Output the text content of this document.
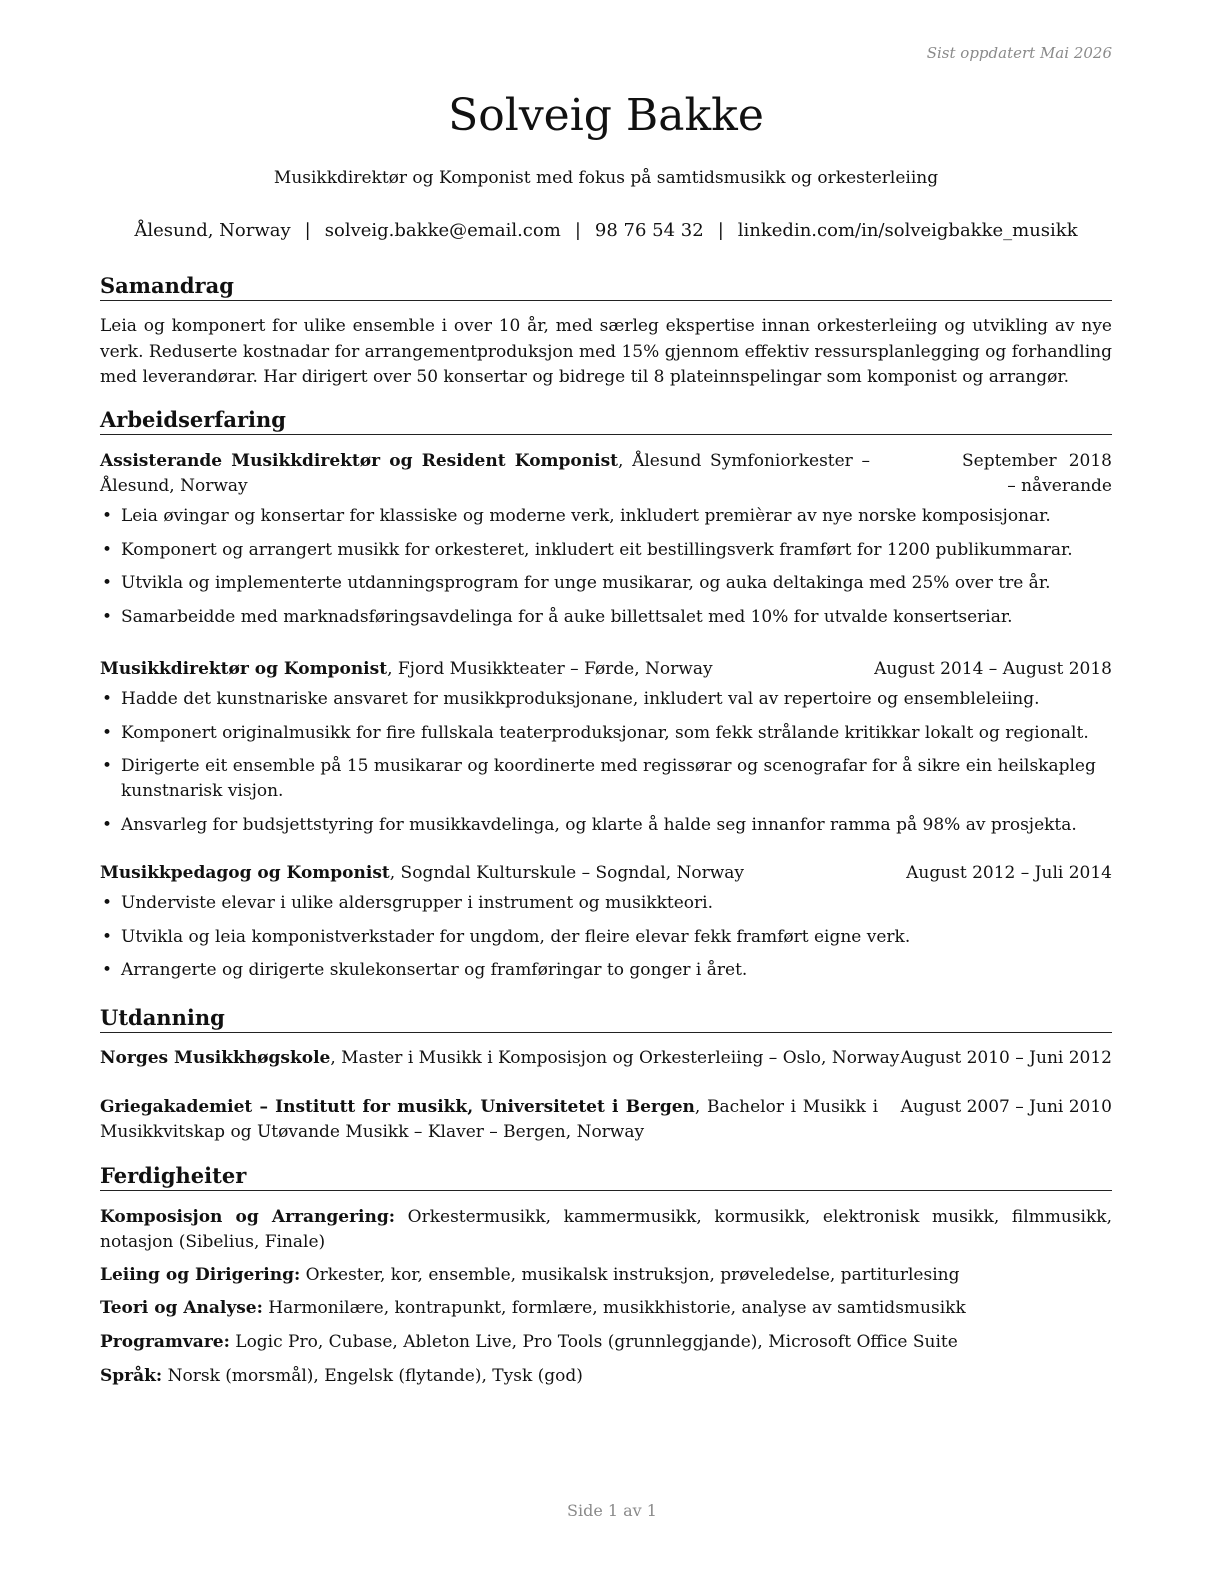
Sist oppdatert Mai 2026
Solveig Bakke
Musikkdirektør og Komponist med fokus på samtidsmusikk og orkesterleiing
Ålesund, Norway | solveig.bakke@email.com | 98 76 54 32 | linkedin.com/in/solveigbakke_musikk
Samandrag
Leia og komponert for ulike ensemble i over 10 år, med særleg ekspertise innan orkesterleiing og utvikling av nye verk. Reduserte kostnadar for arrangementproduksjon med 15% gjennom effektiv ressursplanlegging og forhandling med leverandørar. Har dirigert over 50 konsertar og bidrege til 8 plateinnspelingar som komponist og arrangør.
Arbeidserfaring
Assisterande Musikkdirektør og Resident Komponist, Ålesund Symfoniorkester – Ålesund, Norway
September 2018 – nåverande
• Leia øvingar og konsertar for klassiske og moderne verk, inkludert premièrar av nye norske komposisjonar.
• Komponert og arrangert musikk for orkesteret, inkludert eit bestillingsverk framført for 1200 publikummarar.
• Utvikla og implementerte utdanningsprogram for unge musikarar, og auka deltakinga med 25% over tre år.
• Samarbeidde med marknadsføringsavdelinga for å auke billettsalet med 10% for utvalde konsertseriar.
Musikkdirektør og Komponist, Fjord Musikkteater – Førde, Norway	August 2014 – August 2018
• Hadde det kunstnariske ansvaret for musikkproduksjonane, inkludert val av repertoire og ensembleleiing.
• Komponert originalmusikk for fire fullskala teaterproduksjonar, som fekk strålande kritikkar lokalt og regionalt.
• Dirigerte eit ensemble på 15 musikarar og koordinerte med regissørar og scenografar for å sikre ein heilskapleg kunstnarisk visjon.
• Ansvarleg for budsjettstyring for musikkavdelinga, og klarte å halde seg innanfor ramma på 98% av prosjekta.
Musikkpedagog og Komponist, Sogndal Kulturskule – Sogndal, Norway	August 2012 – Juli 2014
• Underviste elevar i ulike aldersgrupper i instrument og musikkteori.
• Utvikla og leia komponistverkstader for ungdom, der fleire elevar fekk framført eigne verk.
• Arrangerte og dirigerte skulekonsertar og framføringar to gonger i året.
Utdanning
Norges Musikkhøgskole, Master i Musikk i Komposisjon og Orkesterleiing – Oslo, Norway August 2010 – Juni 2012
Griegakademiet – Institutt for musikk, Universitetet i Bergen, Bachelor i Musikk i Musikkvitskap og Utøvande Musikk – Klaver – Bergen, Norway
August 2007 – Juni 2010
Ferdigheiter
Komposisjon og Arrangering: Orkestermusikk, kammermusikk, kormusikk, elektronisk musikk, filmmusikk, notasjon (Sibelius, Finale)
Leiing og Dirigering: Orkester, kor, ensemble, musikalsk instruksjon, prøveledelse, partiturlesing
Teori og Analyse: Harmonilære, kontrapunkt, formlære, musikkhistorie, analyse av samtidsmusikk
Programvare: Logic Pro, Cubase, Ableton Live, Pro Tools (grunnleggjande), Microsoft Office Suite
Språk: Norsk (morsmål), Engelsk (flytande), Tysk (god)
Side 1 av 1
